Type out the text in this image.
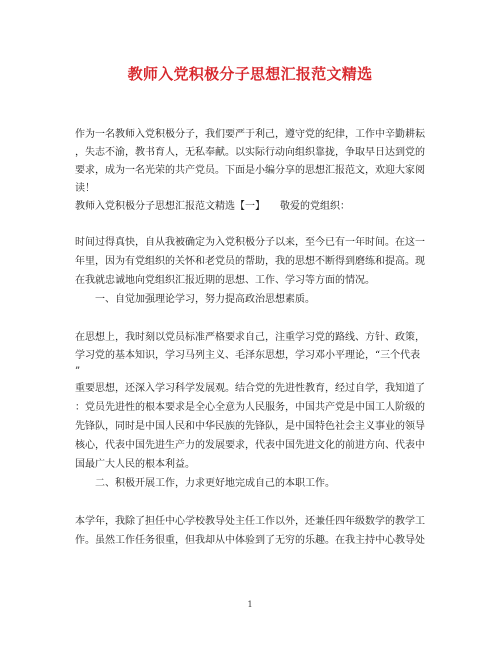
教师入党积极分子思想汇报范文精选
作为一名教师入党积极分子，我们要严于利己，遵守党的纪律，工作中辛勤耕耘
，失志不渝，教书育人，无私奉献。以实际行动向组织靠拢，争取早日达到党的
要求，成为一名光荣的共产党员。下面是小编分享的思想汇报范文，欢迎大家阅
读！
教师入党积极分子思想汇报范文精选【一】　　敬爱的党组织：
时间过得真快，自从我被确定为入党积极分子以来，至今已有一年时间。在这一
年里，因为有党组织的关怀和老党员的帮助，我的思想不断得到磨练和提高。现
在我就忠诚地向党组织汇报近期的思想、工作、学习等方面的情况。
一、自觉加强理论学习，努力提高政治思想素质。
在思想上，我时刻以党员标准严格要求自己，注重学习党的路线、方针、政策，
学习党的基本知识，学习马列主义、毛泽东思想，学习邓小平理论，“三个代表
”
重要思想，还深入学习科学发展观。结合党的先进性教育，经过自学，我知道了
：党员先进性的根本要求是全心全意为人民服务，中国共产党是中国工人阶级的
先锋队，同时是中国人民和中华民族的先锋队，是中国特色社会主义事业的领导
核心，代表中国先进生产力的发展要求，代表中国先进文化的前进方向、代表中
国最广大人民的根本利益。
二、积极开展工作，力求更好地完成自己的本职工作。
本学年，我除了担任中心学校教导处主任工作以外，还兼任四年级数学的教学工
作。虽然工作任务很重，但我却从中体验到了无穷的乐趣。在我主持中心教导处
1
